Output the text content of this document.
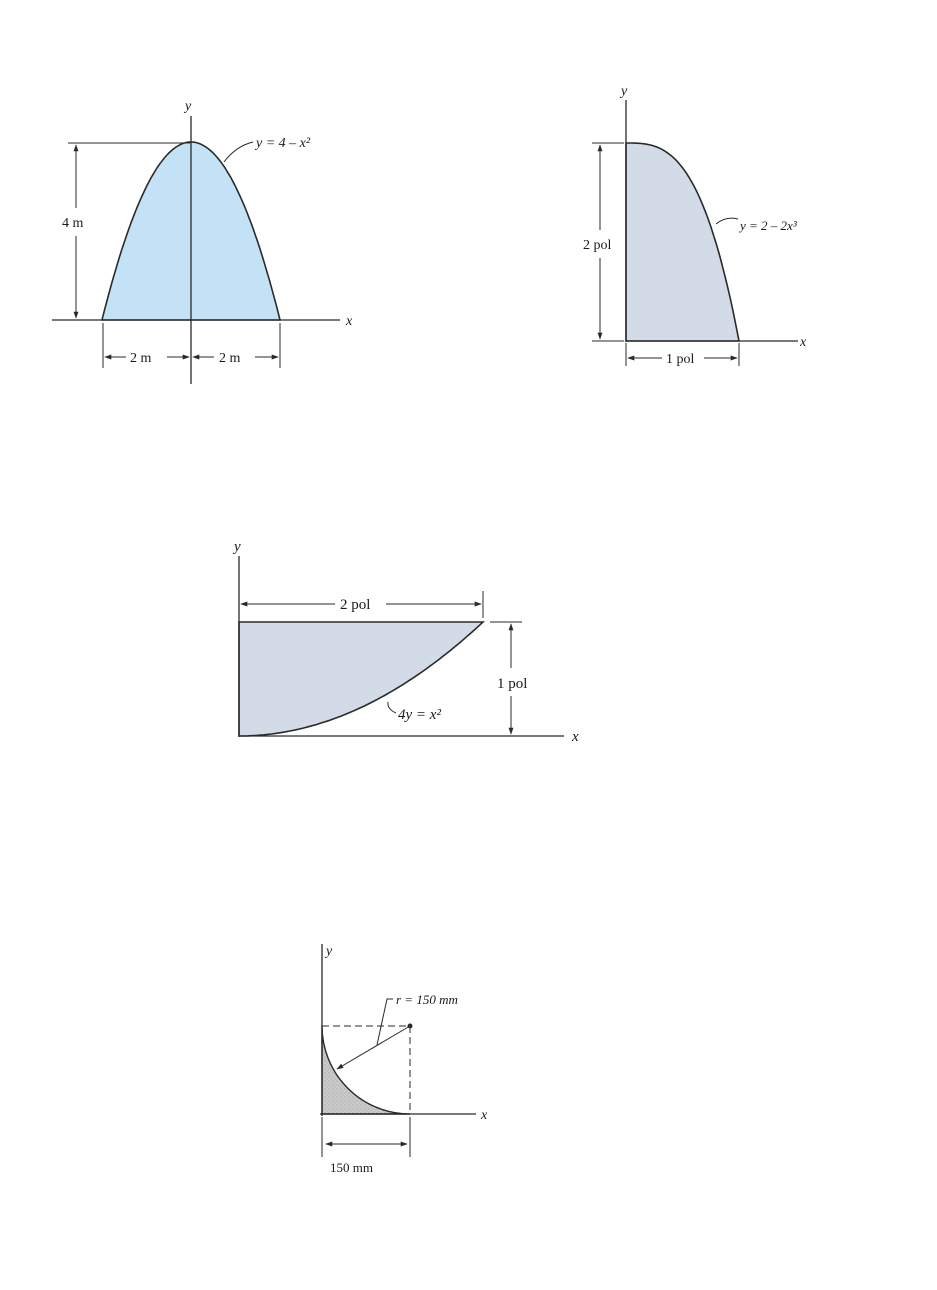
y
x
y = 4 – x²
4 m
2 m	2 m
y
x
y = 2 – 2x³
2 pol
1 pol
y
x
2 pol
1 pol
4y = x²
y
x
r = 150 mm
150 mm
